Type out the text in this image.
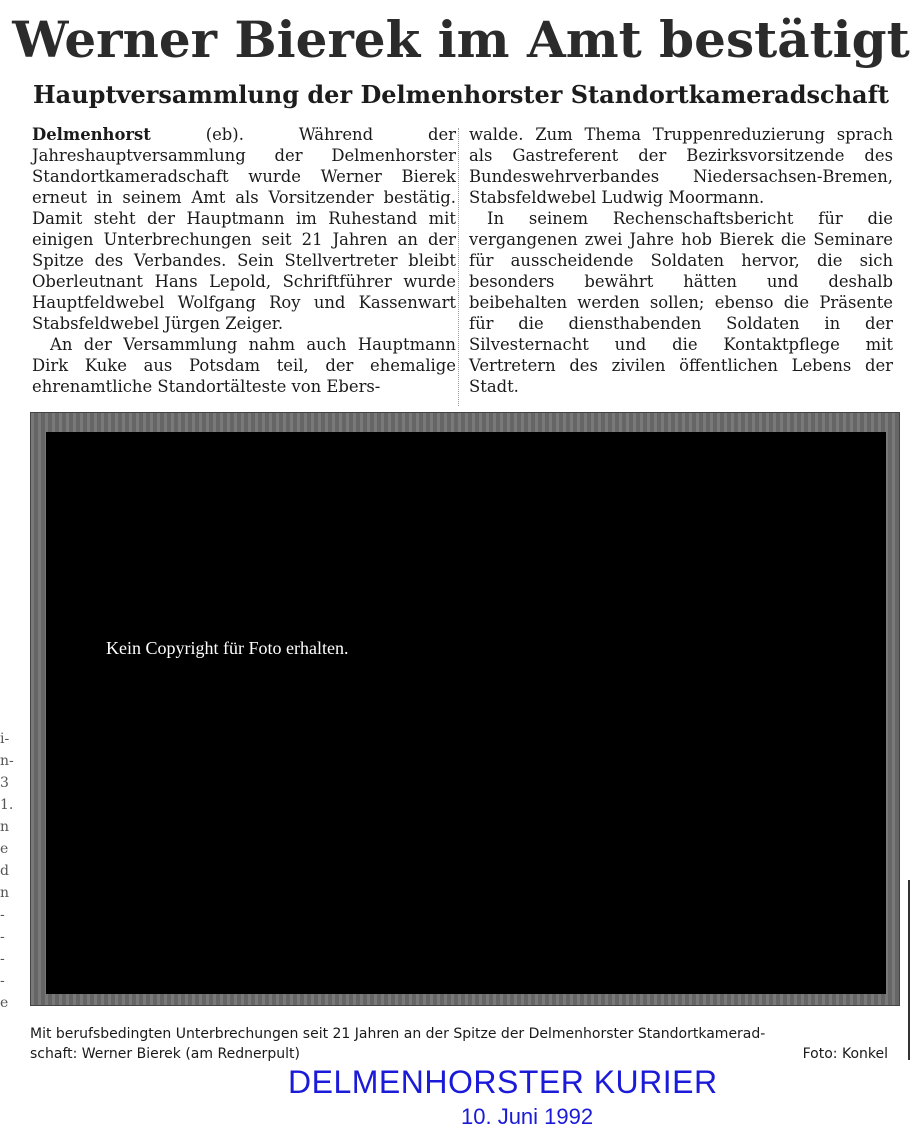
Werner Bierek im Amt bestätigt
Hauptversammlung der Delmenhorster Standortkameradschaft

Delmenhorst (eb). Während der Jahreshauptversammlung der Delmenhorster Standortkameradschaft wurde Werner Bierek erneut in seinem Amt als Vorsitzender bestätig. Damit steht der Hauptmann im Ruhestand mit einigen Unterbrechungen seit 21 Jahren an der Spitze des Verbandes. Sein Stellvertreter bleibt Oberleutnant Hans Lepold, Schriftführer wurde Hauptfeldwebel Wolfgang Roy und Kassenwart Stabsfeldwebel Jürgen Zeiger.

An der Versammlung nahm auch Hauptmann Dirk Kuke aus Potsdam teil, der ehemalige ehrenamtliche Standortälteste von Ebers-

walde. Zum Thema Truppenreduzierung sprach als Gastreferent der Bezirksvorsitzende des Bundeswehrverbandes Niedersachsen-Bremen, Stabsfeldwebel Ludwig Moormann.

In seinem Rechenschaftsbericht für die vergangenen zwei Jahre hob Bierek die Seminare für ausscheidende Soldaten hervor, die sich besonders bewährt hätten und deshalb beibehalten werden sollen; ebenso die Präsente für die diensthabenden Soldaten in der Silvesternacht und die Kontaktpflege mit Vertretern des zivilen öffentlichen Lebens der Stadt.

Kein Copyright für Foto erhalten.
i-
n-
3
1.
n
e
d
n
-
-
-
-
e
Mit berufsbedingten Unterbrechungen seit 21 Jahren an der Spitze der Delmenhorster Standortkamerad-
schaft: Werner Bierek (am Rednerpult)	Foto: Konkel
DELMENHORSTER KURIER
10. Juni 1992
